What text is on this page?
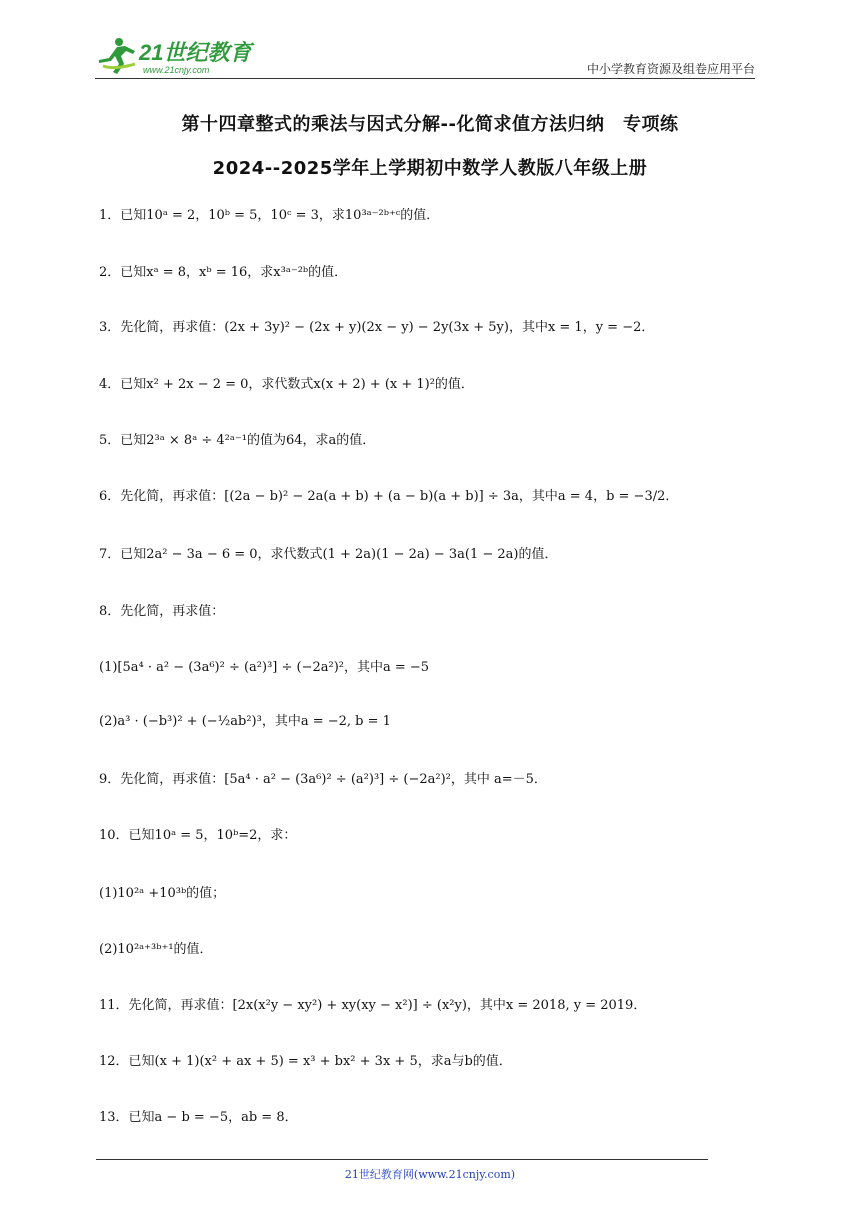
21世纪教育
www.21cnjy.com	中小学教育资源及组卷应用平台
第十四章整式的乘法与因式分解--化简求值方法归纳　专项练
2024--2025学年上学期初中数学人教版八年级上册
1．已知10ᵃ = 2，10ᵇ = 5，10ᶜ = 3，求10³ᵃ⁻²ᵇ⁺ᶜ的值．
2．已知xᵃ = 8，xᵇ = 16，求x³ᵃ⁻²ᵇ的值．
3．先化简，再求值：(2x + 3y)² − (2x + y)(2x − y) − 2y(3x + 5y)，其中x = 1，y = −2．
4．已知x² + 2x − 2 = 0，求代数式x(x + 2) + (x + 1)²的值．
5．已知2³ᵃ × 8ᵃ ÷ 4²ᵃ⁻¹的值为64，求a的值．
6．先化简，再求值：[(2a − b)² − 2a(a + b) + (a − b)(a + b)] ÷ 3a，其中a = 4，b = −3/2．
7．已知2a² − 3a − 6 = 0，求代数式(1 + 2a)(1 − 2a) − 3a(1 − 2a)的值．
8．先化简，再求值：
(1)[5a⁴ · a² − (3a⁶)² ÷ (a²)³] ÷ (−2a²)²，其中a = −5
(2)a³ · (−b³)² + (−½ab²)³，其中a = −2, b = 1
9．先化简，再求值：[5a⁴ · a² − (3a⁶)² ÷ (a²)³] ÷ (−2a²)²，其中 a=－5．
10．已知10ᵃ = 5，10ᵇ=2，求：
(1)10²ᵃ +10³ᵇ的值；
(2)10²ᵃ⁺³ᵇ⁺¹的值．
11．先化简，再求值：[2x(x²y − xy²) + xy(xy − x²)] ÷ (x²y)，其中x = 2018, y = 2019．
12．已知(x + 1)(x² + ax + 5) = x³ + bx² + 3x + 5，求a与b的值．
13．已知a − b = −5，ab = 8．
21世纪教育网(www.21cnjy.com)
